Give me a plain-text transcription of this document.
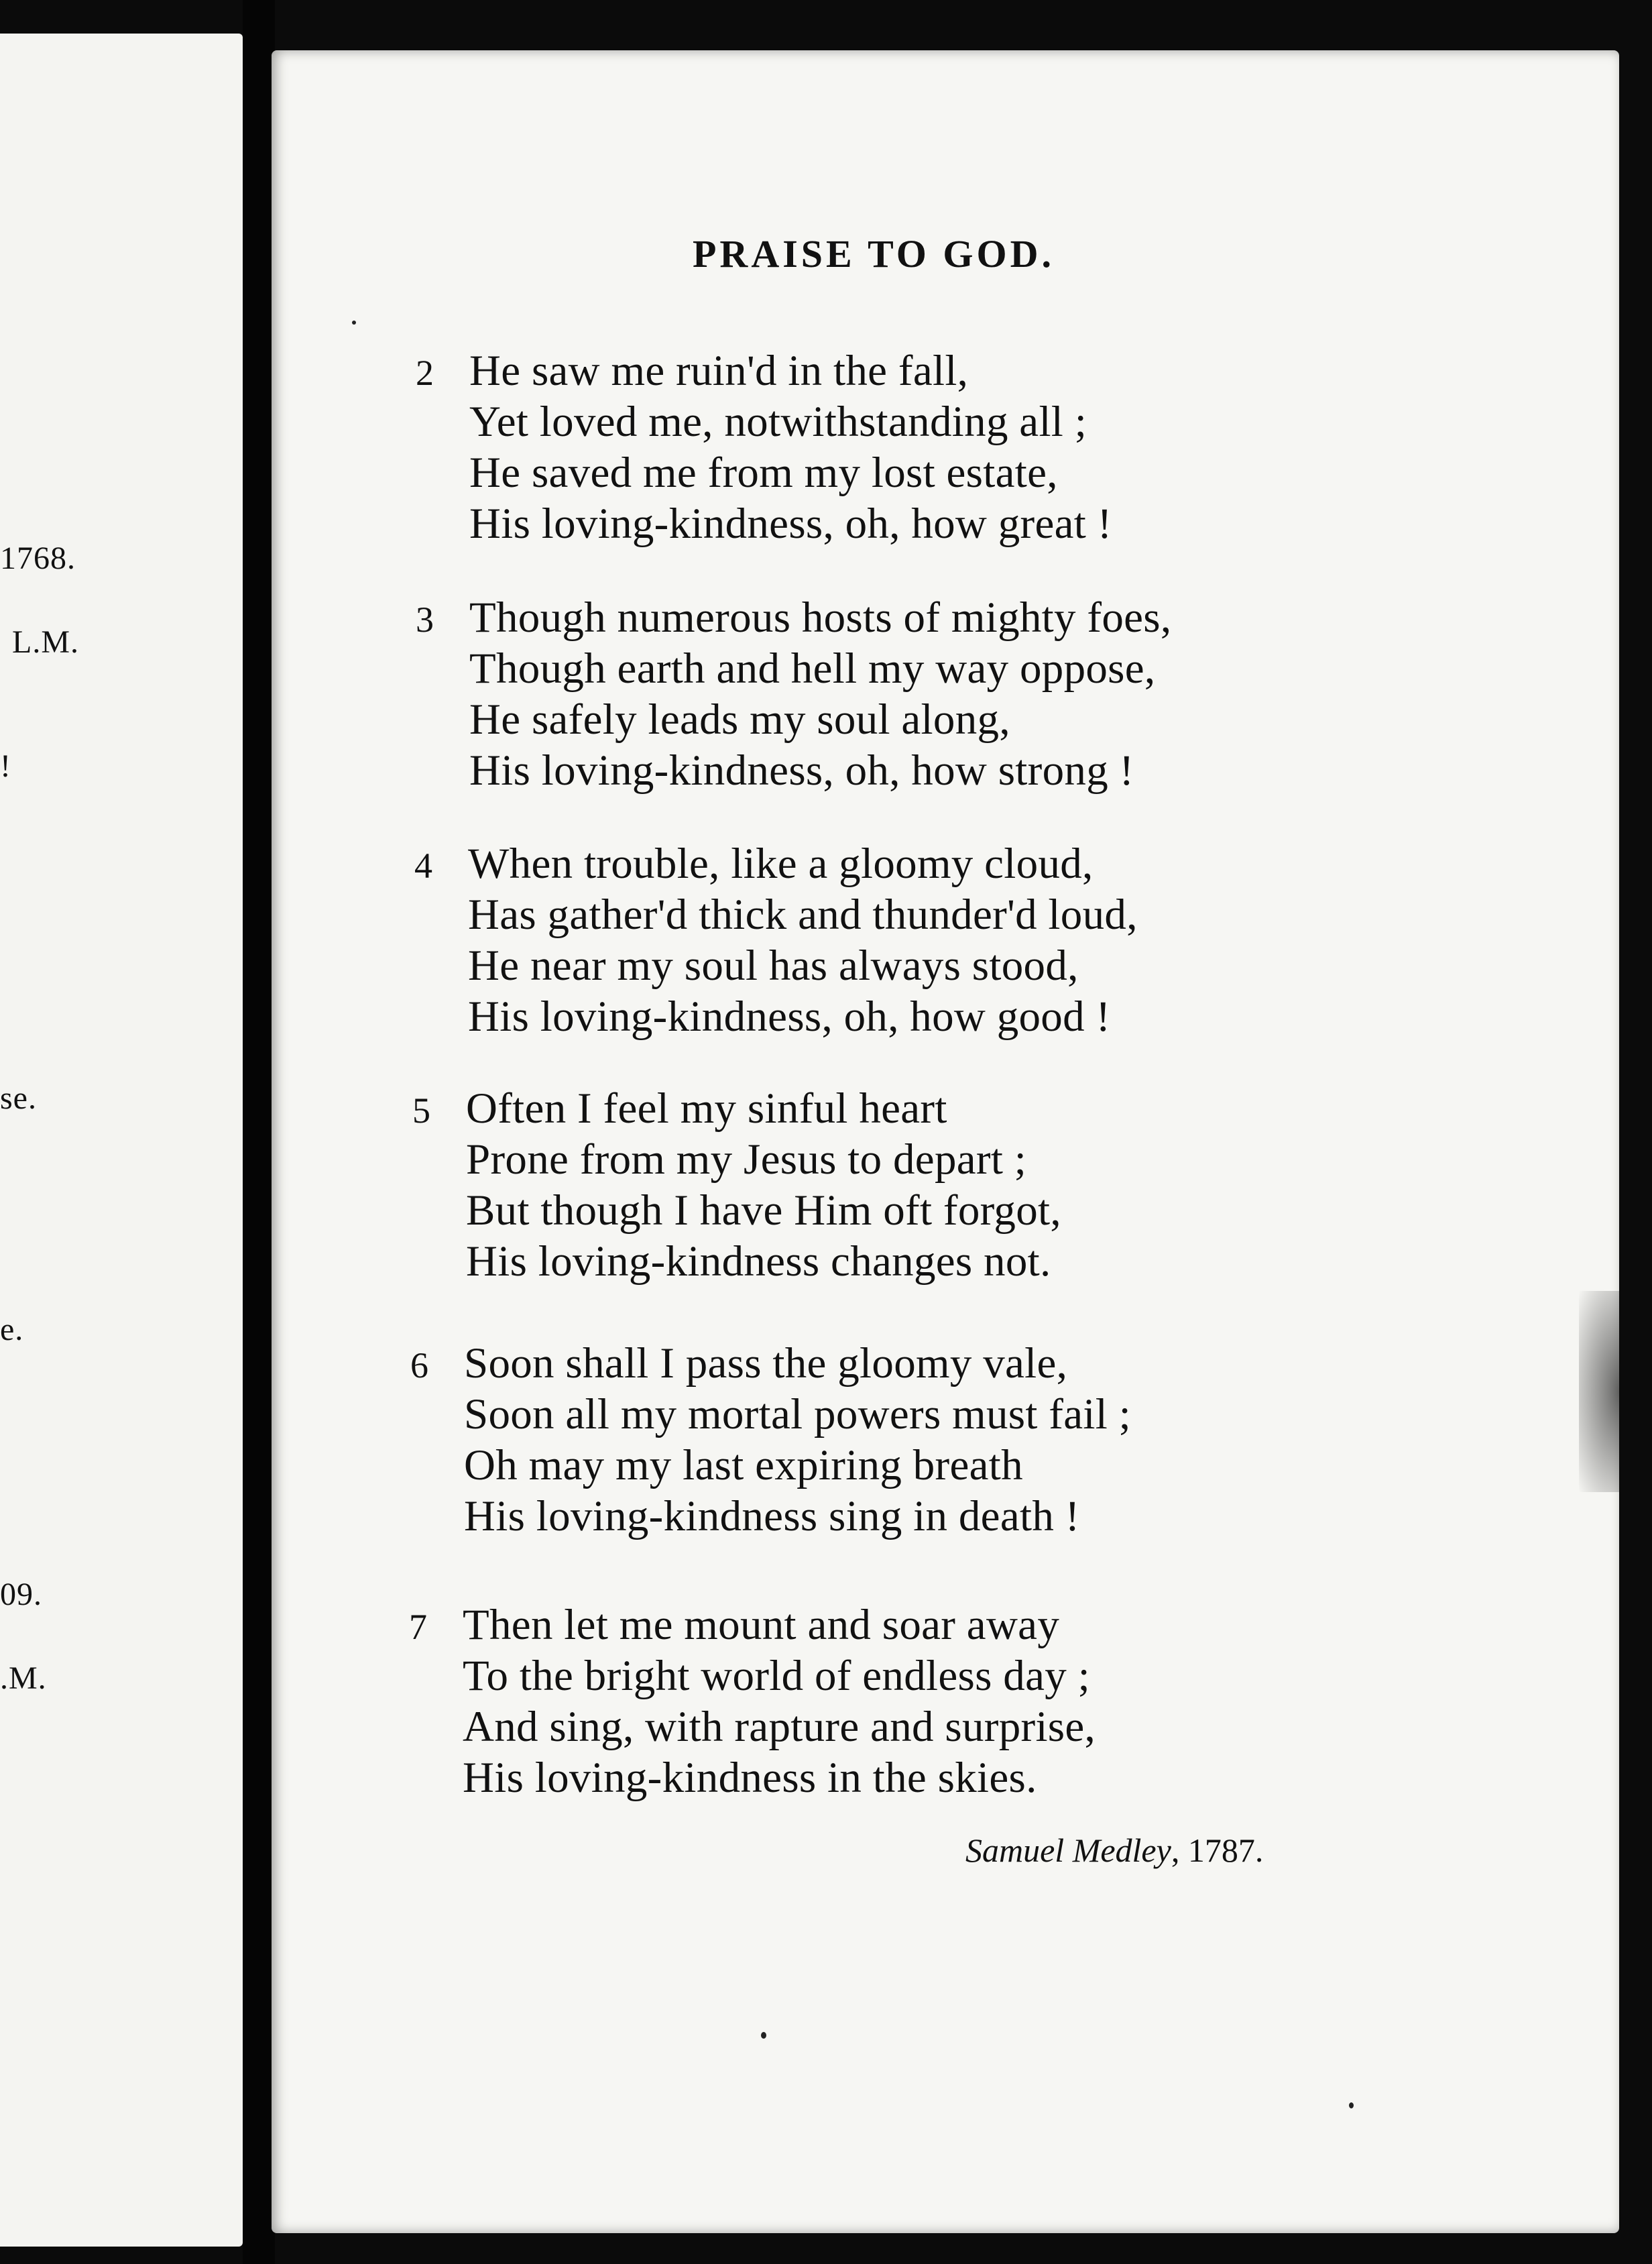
1768.
L.M.
!
se.
e.
09.
.M.
PRAISE TO GOD.
2 He saw me ruin'd in the fall,
Yet loved me, notwithstanding all ;
He saved me from my lost estate,
His loving-kindness, oh, how great !
3 Though numerous hosts of mighty foes,
Though earth and hell my way oppose,
He safely leads my soul along,
His loving-kindness, oh, how strong !
4 When trouble, like a gloomy cloud,
Has gather'd thick and thunder'd loud,
He near my soul has always stood,
His loving-kindness, oh, how good !
5 Often I feel my sinful heart
Prone from my Jesus to depart ;
But though I have Him oft forgot,
His loving-kindness changes not.
6 Soon shall I pass the gloomy vale,
Soon all my mortal powers must fail ;
Oh may my last expiring breath
His loving-kindness sing in death !
7 Then let me mount and soar away
To the bright world of endless day ;
And sing, with rapture and surprise,
His loving-kindness in the skies.
Samuel Medley, 1787.
